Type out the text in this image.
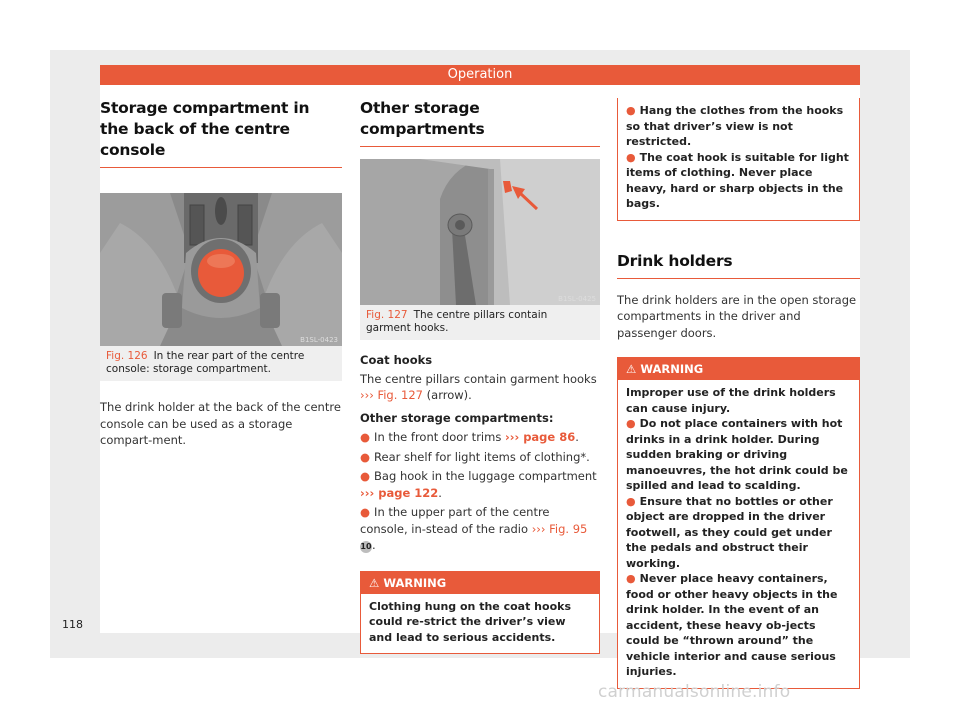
Operation
Storage compartment in the back of the centre console
B1SL-0423
Fig. 126 In the rear part of the centre console: storage compartment.

The drink holder at the back of the centre console can be used as a storage compart-ment.

Other storage compartments
B1SL-0425
Fig. 127 The centre pillars contain garment hooks.

Coat hooks

The centre pillars contain garment hooks ››› Fig. 127 (arrow).

Other storage compartments:

● In the front door trims ››› page 86.

● Rear shelf for light items of clothing*.

● Bag hook in the luggage compartment ››› page 122.

● In the upper part of the centre console, in-stead of the radio ››› Fig. 95 10.

⚠ WARNING
Clothing hung on the coat hooks could re-strict the driver’s view and lead to serious accidents.
● Hang the clothes from the hooks so that driver’s view is not restricted.
● The coat hook is suitable for light items of clothing. Never place heavy, hard or sharp objects in the bags.
Drink holders

The drink holders are in the open storage compartments in the driver and passenger doors.

⚠ WARNING
Improper use of the drink holders can cause injury.
● Do not place containers with hot drinks in a drink holder. During sudden braking or driving manoeuvres, the hot drink could be spilled and lead to scalding.
● Ensure that no bottles or other object are dropped in the driver footwell, as they could get under the pedals and obstruct their working.
● Never place heavy containers, food or other heavy objects in the drink holder. In the event of an accident, these heavy ob-jects could be “thrown around” the vehicle interior and cause serious injuries.
118
carmanualsonline.info
